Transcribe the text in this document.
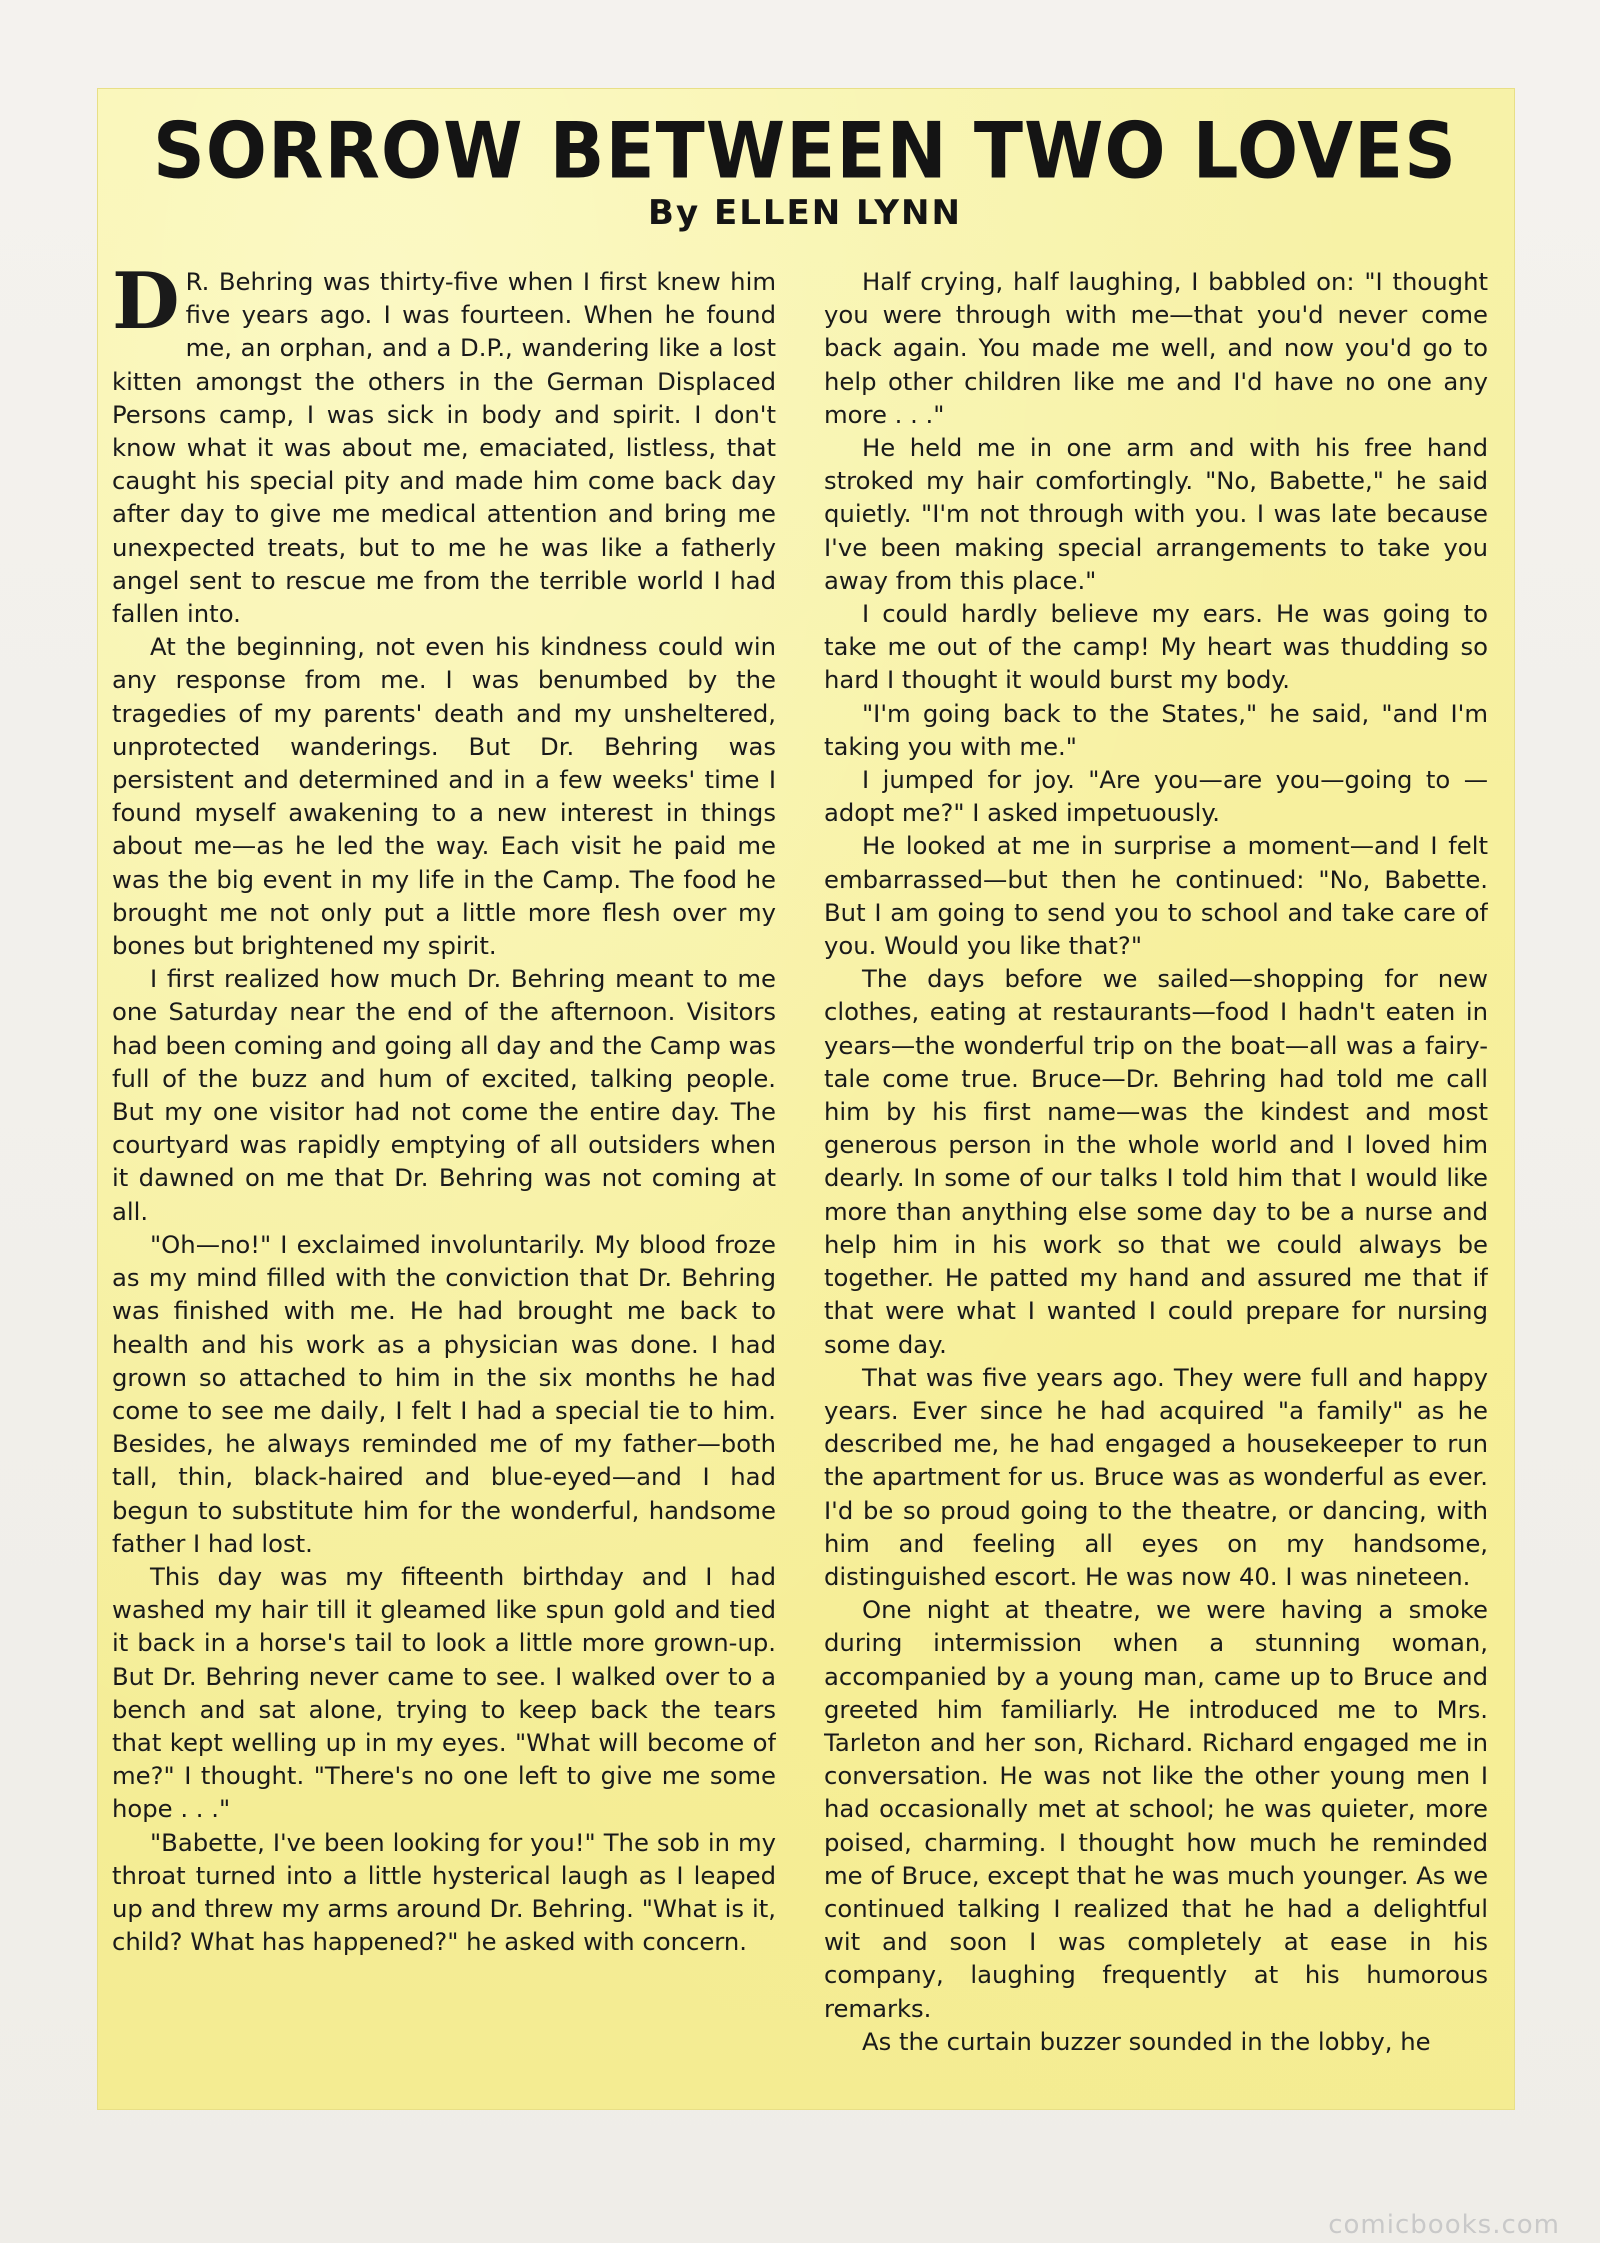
SORROW BETWEEN TWO LOVES
By ELLEN LYNN

D R. Behring was thirty-five when I first knew him five years ago. I was fourteen. When he found me, an orphan, and a D.P., wandering like a lost kitten amongst the others in the German Displaced Persons camp, I was sick in body and spirit. I don't know what it was about me, emaciated, listless, that caught his special pity and made him come back day after day to give me medical attention and bring me unexpected treats, but to me he was like a fatherly angel sent to rescue me from the terrible world I had fallen into.

At the beginning, not even his kindness could win any response from me. I was benumbed by the tragedies of my parents' death and my unsheltered, unprotected wanderings. But Dr. Behring was persistent and determined and in a few weeks' time I found myself awakening to a new interest in things about me—as he led the way. Each visit he paid me was the big event in my life in the Camp. The food he brought me not only put a little more flesh over my bones but brightened my spirit.

I first realized how much Dr. Behring meant to me one Saturday near the end of the afternoon. Visitors had been coming and going all day and the Camp was full of the buzz and hum of excited, talking people. But my one visitor had not come the entire day. The courtyard was rapidly emptying of all outsiders when it dawned on me that Dr. Behring was not coming at all.

"Oh—no!" I exclaimed involuntarily. My blood froze as my mind filled with the conviction that Dr. Behring was finished with me. He had brought me back to health and his work as a physician was done. I had grown so attached to him in the six months he had come to see me daily, I felt I had a special tie to him. Besides, he always reminded me of my father—both tall, thin, black-haired and blue-eyed—and I had begun to substitute him for the wonderful, handsome father I had lost.

This day was my fifteenth birthday and I had washed my hair till it gleamed like spun gold and tied it back in a horse's tail to look a little more grown-up. But Dr. Behring never came to see. I walked over to a bench and sat alone, trying to keep back the tears that kept welling up in my eyes. "What will become of me?" I thought. "There's no one left to give me some hope . . ."

"Babette, I've been looking for you!" The sob in my throat turned into a little hysterical laugh as I leaped up and threw my arms around Dr. Behring. "What is it, child? What has happened?" he asked with concern.

Half crying, half laughing, I babbled on: "I thought you were through with me—that you'd never come back again. You made me well, and now you'd go to help other children like me and I'd have no one any more . . ."

He held me in one arm and with his free hand stroked my hair comfortingly. "No, Babette," he said quietly. "I'm not through with you. I was late because I've been making special arrangements to take you away from this place."

I could hardly believe my ears. He was going to take me out of the camp! My heart was thudding so hard I thought it would burst my body.

"I'm going back to the States," he said, "and I'm taking you with me."

I jumped for joy. "Are you—are you—going to —adopt me?" I asked impetuously.

He looked at me in surprise a moment—and I felt embarrassed—but then he continued: "No, Babette. But I am going to send you to school and take care of you. Would you like that?"

The days before we sailed—shopping for new clothes, eating at restaurants—food I hadn't eaten in years—the wonderful trip on the boat—all was a fairy-tale come true. Bruce—Dr. Behring had told me call him by his first name—was the kindest and most generous person in the whole world and I loved him dearly. In some of our talks I told him that I would like more than anything else some day to be a nurse and help him in his work so that we could always be together. He patted my hand and assured me that if that were what I wanted I could prepare for nursing some day.

That was five years ago. They were full and happy years. Ever since he had acquired "a family" as he described me, he had engaged a housekeeper to run the apartment for us. Bruce was as wonderful as ever. I'd be so proud going to the theatre, or dancing, with him and feeling all eyes on my handsome, distinguished escort. He was now 40. I was nineteen.

One night at theatre, we were having a smoke during intermission when a stunning woman, accompanied by a young man, came up to Bruce and greeted him familiarly. He introduced me to Mrs. Tarleton and her son, Richard. Richard engaged me in conversation. He was not like the other young men I had occasionally met at school; he was quieter, more poised, charming. I thought how much he reminded me of Bruce, except that he was much younger. As we continued talking I realized that he had a delightful wit and soon I was completely at ease in his company, laughing frequently at his humorous remarks.

As the curtain buzzer sounded in the lobby, he

comicbooks.com
